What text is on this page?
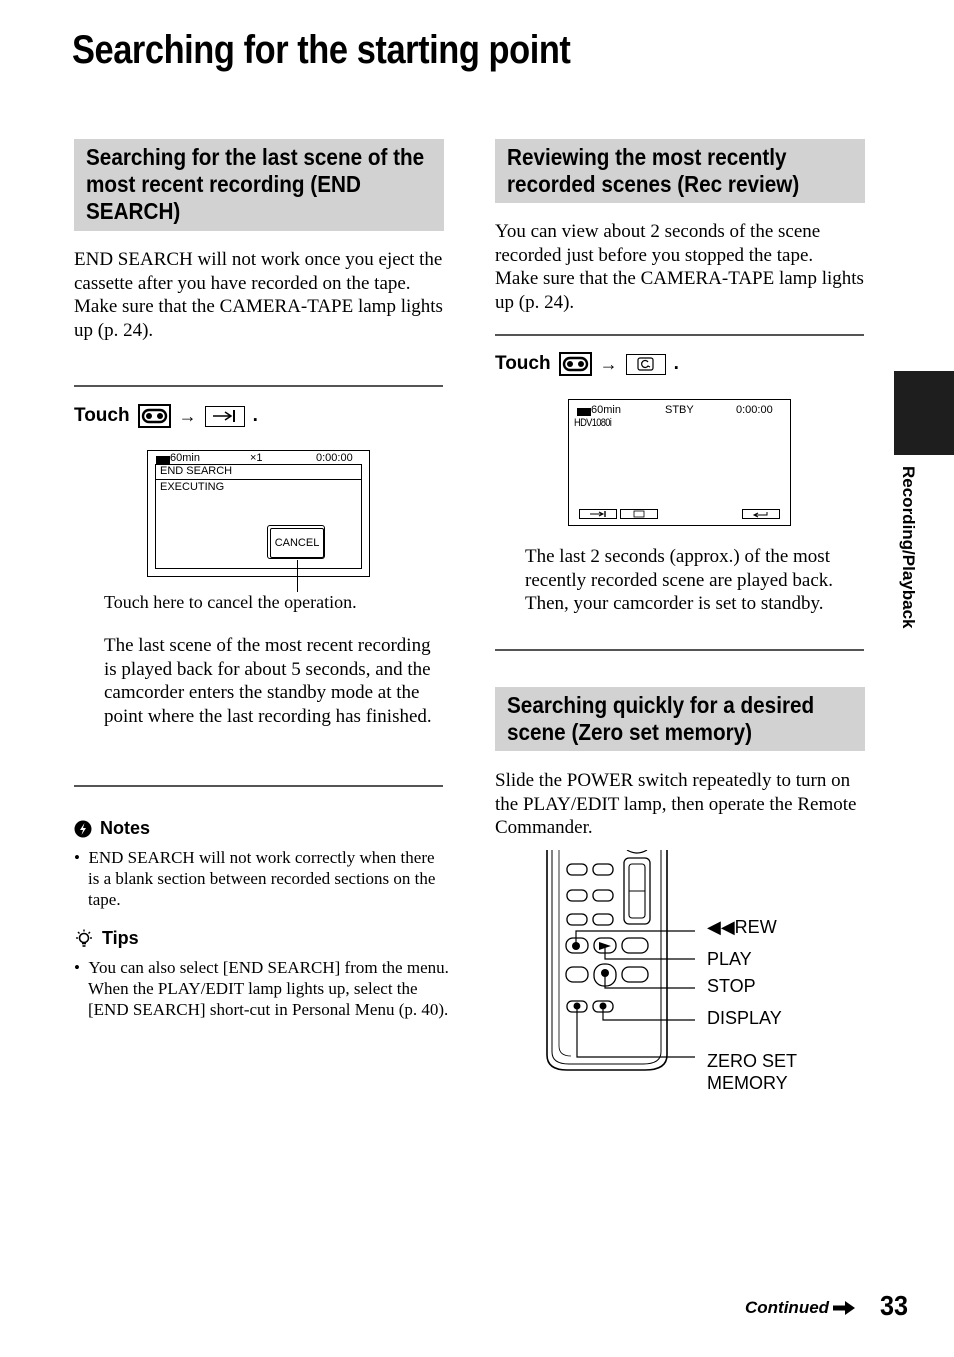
Searching for the starting point
Recording/Playback
Searching for the last scene of the most recent recording (END SEARCH)
END SEARCH will not work once you eject the cassette after you have recorded on the tape.
Make sure that the CAMERA-TAPE lamp lights up (p. 24).
Touch	→	.
60min	×1	0:00:00
END SEARCH
EXECUTING
CANCEL
Touch here to cancel the operation.
The last scene of the most recent recording is played back for about 5 seconds, and the camcorder enters the standby mode at the point where the last recording has finished.
Notes
•  END SEARCH will not work correctly when there is a blank section between recorded sections on the tape.
Tips
•  You can also select [END SEARCH] from the menu. When the PLAY/EDIT lamp lights up, select the [END SEARCH] short-cut in Personal Menu (p. 40).
Reviewing the most recently recorded scenes (Rec review)
You can view about 2 seconds of the scene recorded just before you stopped the tape.
Make sure that the CAMERA-TAPE lamp lights up (p. 24).
Touch	→	.
60min	STBY	0:00:00
HDV1080i
The last 2 seconds (approx.) of the most recently recorded scene are played back. Then, your camcorder is set to standby.
Searching quickly for a desired scene (Zero set memory)
Slide the POWER switch repeatedly to turn on the PLAY/EDIT lamp, then operate the Remote Commander.
◀◀REW
PLAY
STOP
DISPLAY
ZERO SET
MEMORY
Continued 33
